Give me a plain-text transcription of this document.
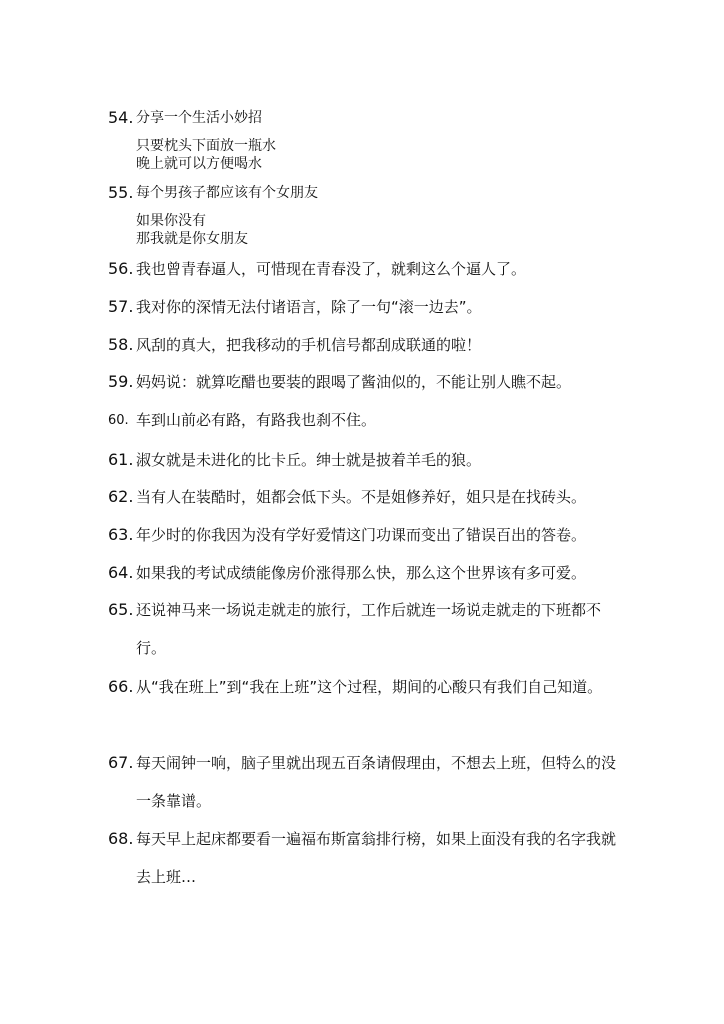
54. 分享一个生活小妙招
只要枕头下面放一瓶水
晚上就可以方便喝水
55. 每个男孩子都应该有个女朋友
如果你没有
那我就是你女朋友
56. 我也曾青春逼人，可惜现在青春没了，就剩这么个逼人了。
57. 我对你的深情无法付诸语言，除了一句“滚一边去”。
58. 风刮的真大，把我移动的手机信号都刮成联通的啦！
59. 妈妈说：就算吃醋也要装的跟喝了酱油似的，不能让别人瞧不起。
60. 车到山前必有路，有路我也刹不住。
61. 淑女就是未进化的比卡丘。绅士就是披着羊毛的狼。
62. 当有人在装酷时，姐都会低下头。不是姐修养好，姐只是在找砖头。
63. 年少时的你我因为没有学好爱情这门功课而变出了错误百出的答卷。
64. 如果我的考试成绩能像房价涨得那么快，那么这个世界该有多可爱。
65. 还说神马来一场说走就走的旅行，工作后就连一场说走就走的下班都不行。
66. 从“我在班上”到“我在上班”这个过程，期间的心酸只有我们自己知道。
67. 每天闹钟一响，脑子里就出现五百条请假理由，不想去上班，但特么的没一条靠谱。
68. 每天早上起床都要看一遍福布斯富翁排行榜，如果上面没有我的名字我就去上班…
